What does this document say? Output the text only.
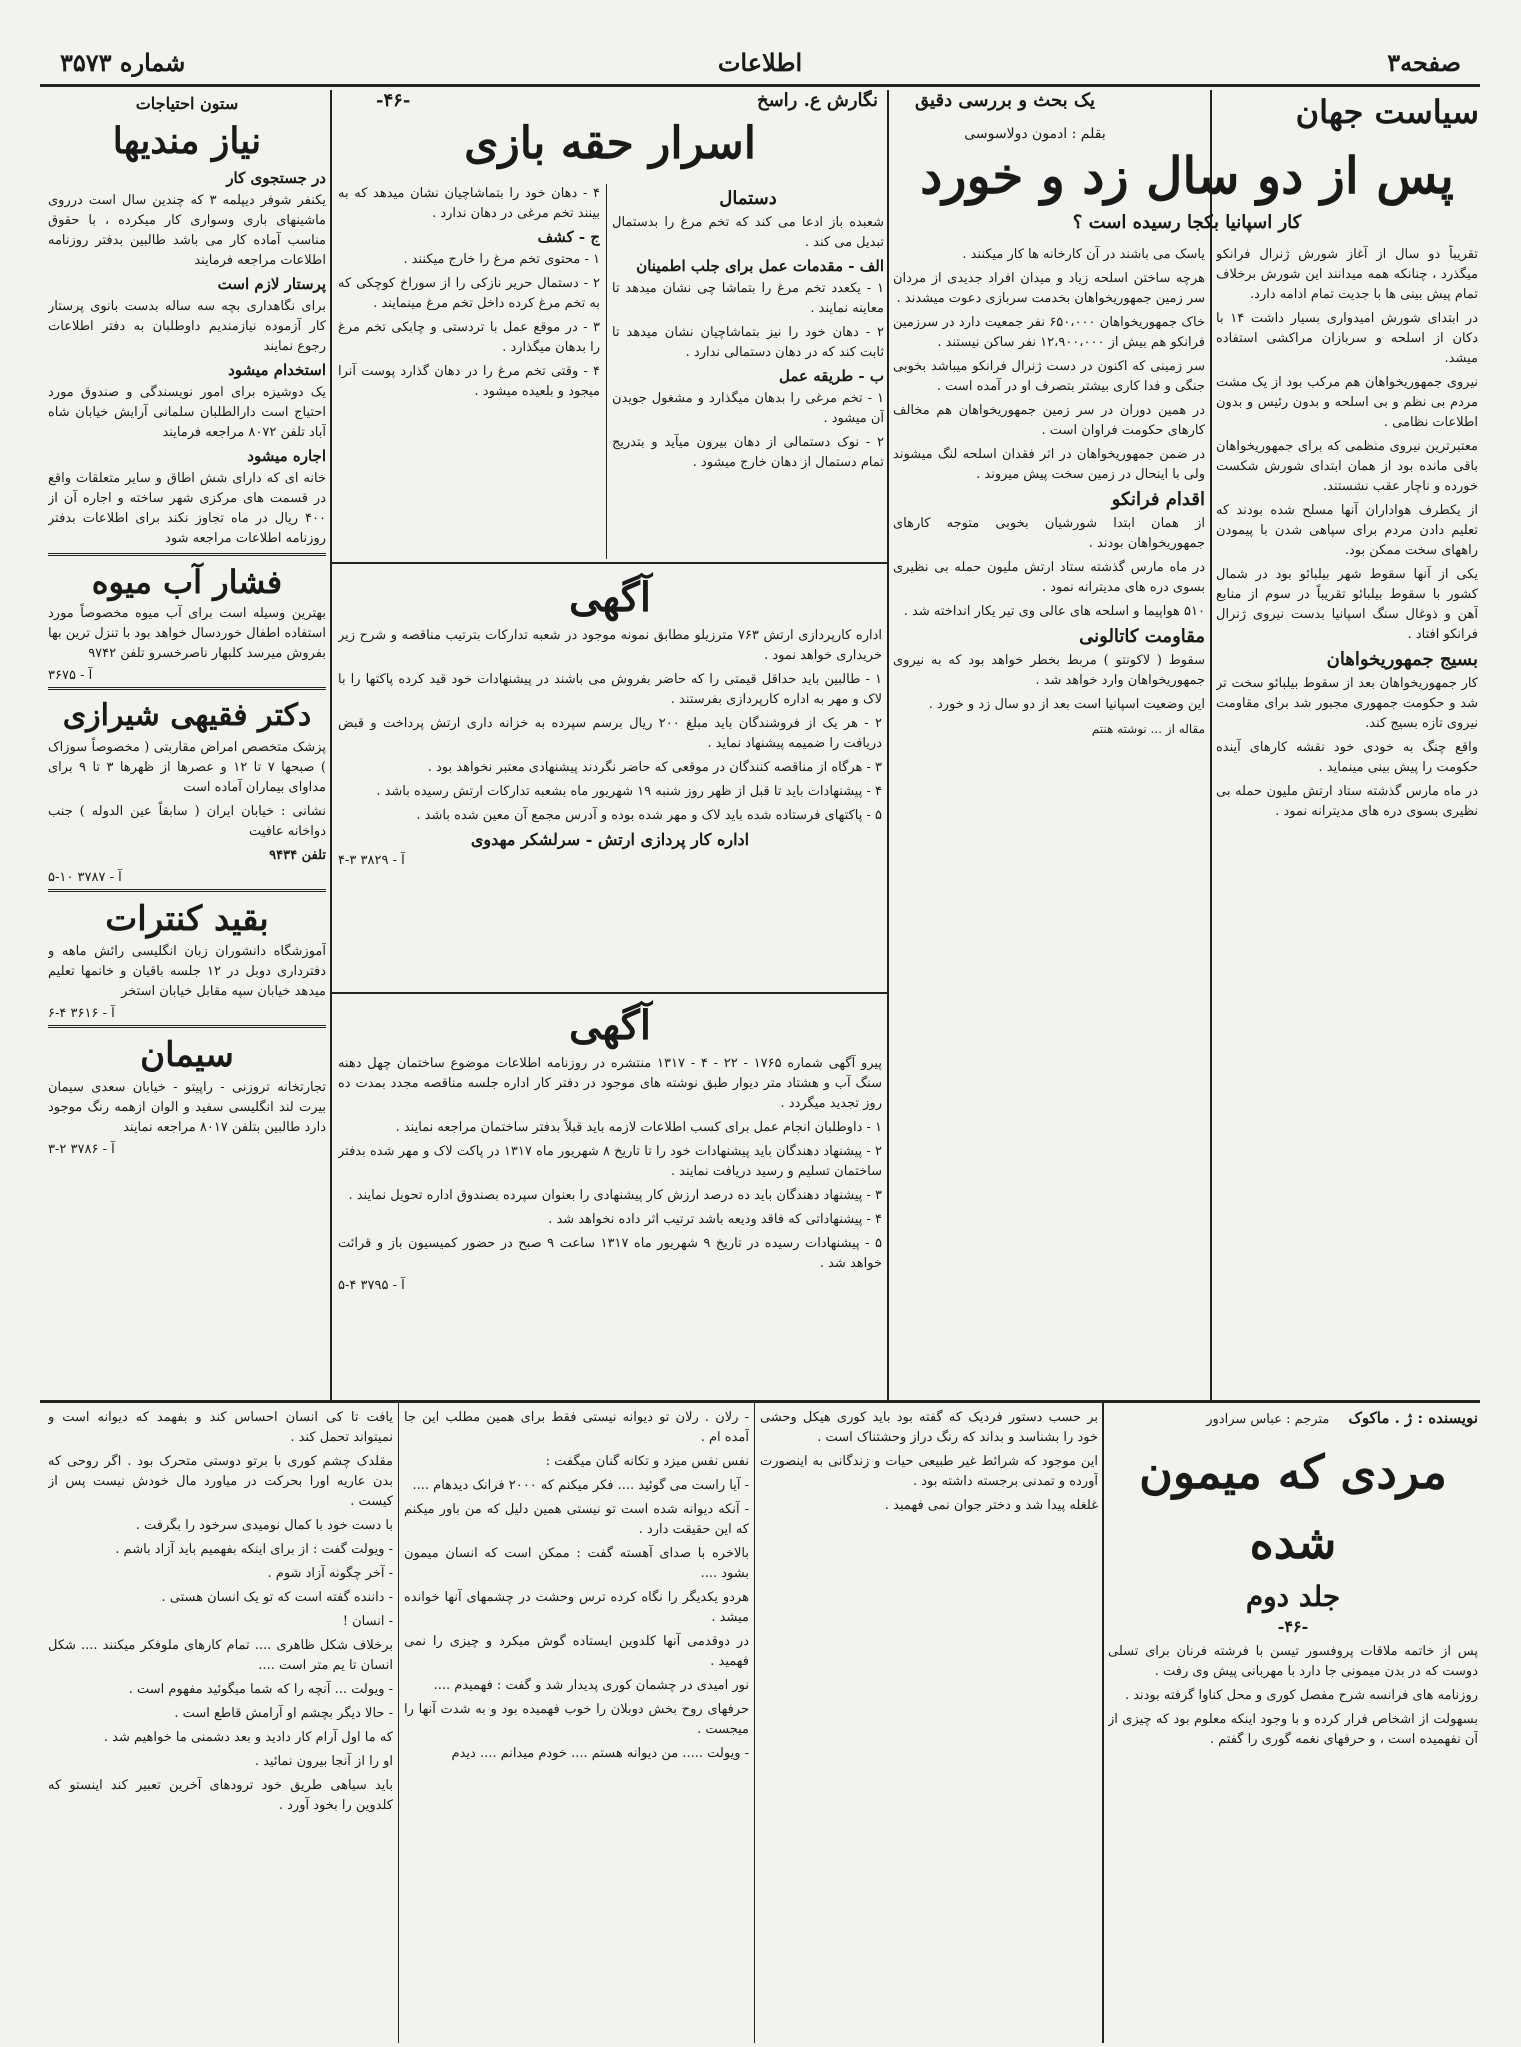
صفحه۳
اطلاعات
شماره ۳۵۷۳
سیاست جهان
یک بحث و بررسی دقیق
بقلم : ادمون دولاسوسی
پس از دو سال زد و خورد
کار اسپانیا بکجا رسیده است ؟

تقریباً دو سال از آغاز شورش ژنرال فرانکو میگذرد ، چنانکه همه میدانند این شورش برخلاف تمام پیش بینی ها با جدیت تمام ادامه دارد.

در ابتدای شورش امیدواری بسیار داشت ۱۴ با دکان از اسلحه و سربازان مراکشی استفاده میشد.

نیروی جمهوریخواهان هم مرکب بود از یک مشت مردم بی نظم و بی اسلحه و بدون رئیس و بدون اطلاعات نظامی .

معتبرترین نیروی منظمی که برای جمهوریخواهان باقی مانده بود از همان ابتدای شورش شکست خورده و ناچار عقب نشستند.

از یکطرف هواداران آنها مسلح شده بودند که تعلیم دادن مردم برای سپاهی شدن با پیمودن راههای سخت ممکن بود.

یکی از آنها سقوط شهر بیلبائو بود در شمال کشور با سقوط بیلبائو تقریباً در سوم از منابع آهن و ذوغال سنگ اسپانیا بدست نیروی ژنرال فرانکو افتاد .

بسیج جمهوریخواهان

کار جمهوریخواهان بعد از سقوط بیلبائو سخت تر شد و حکومت جمهوری مجبور شد برای مقاومت نیروی تازه بسیج کند.

واقع چنگ به خودی خود نقشه کارهای آینده حکومت را پیش بینی مینماید .

در ماه مارس گذشته ستاد ارتش ملیون حمله بی نظیری بسوی دره های مدیترانه نمود .

یاسک می باشند در آن کارخانه ها کار میکنند .

هرچه ساختن اسلحه زیاد و میدان افراد جدیدی از مردان سر زمین جمهوریخواهان بخدمت سربازی دعوت میشدند .

خاک جمهوریخواهان ۶۵۰،۰۰۰ نفر جمعیت دارد در سرزمین فرانکو هم بیش از ۱۲،۹۰۰،۰۰۰ نفر ساکن نیستند .

سر زمینی که اکنون در دست ژنرال فرانکو میباشد بخوبی جنگی و فدا کاری بیشتر بتصرف او در آمده است .

در همین دوران در سر زمین جمهوریخواهان هم مخالف کارهای حکومت فراوان است .

در ضمن جمهوریخواهان در اثر فقدان اسلحه لنگ میشوند ولی با اینحال در زمین سخت پیش میروند .

اقدام فرانکو

از همان ابتدا شورشیان بخوبی متوجه کارهای جمهوریخواهان بودند .

در ماه مارس گذشته ستاد ارتش ملیون حمله بی نظیری بسوی دره های مدیترانه نمود .

۵۱۰ هواپیما و اسلحه های عالی وی تیر یکار انداخته شد .

مقاومت کاتالونی

سقوط ( لاکونتو ) مربط بخطر خواهد بود که به نیروی جمهوریخواهان وارد خواهد شد .

این وضعیت اسپانیا است بعد از دو سال زد و خورد .

مقاله از ... نوشته هنتم

نگارش ع. راسخ
-۴۶-
اسرار حقه بازی
دستمال

شعبده باز ادعا می کند که تخم مرغ را بدستمال تبدیل می کند .

الف - مقدمات عمل برای جلب اطمینان

۱ - یکعدد تخم مرغ را بتماشا چی نشان میدهد تا معاینه نمایند .

۲ - دهان خود را نیز بتماشاچیان نشان میدهد تا ثابت کند که در دهان دستمالی ندارد .

ب - طریقه عمل

۱ - تخم مرغی را بدهان میگذارد و مشغول جویدن آن میشود .

۲ - نوک دستمالی از دهان بیرون میآید و بتدریج تمام دستمال از دهان خارج میشود .

۴ - دهان خود را بتماشاچیان نشان میدهد که به بینند تخم مرغی در دهان ندارد .

ج - کشف

۱ - محتوی تخم مرغ را خارج میکنند .

۲ - دستمال حریر نازکی را از سوراخ کوچکی که به تخم مرغ کرده داخل تخم مرغ مینمایند .

۳ - در موقع عمل با تردستی و چابکی تخم مرغ را بدهان میگذارد .

۴ - وقتی تخم مرغ را در دهان گذارد پوست آنرا میجود و بلعیده میشود .

آگهی

اداره کارپردازی ارتش ۷۶۳ مترزیلو مطابق نمونه موجود در شعبه تدارکات بترتیب مناقصه و شرح زیر خریداری خواهد نمود .

۱ - طالبین باید حداقل قیمتی را که حاضر بفروش می باشند در پیشنهادات خود قید کرده پاکتها را با لاک و مهر به اداره کارپردازی بفرستند .

۲ - هر یک از فروشندگان باید مبلغ ۲۰۰ ریال برسم سپرده به خزانه داری ارتش پرداخت و قبض دریافت را ضمیمه پیشنهاد نماید .

۳ - هرگاه از مناقصه کنندگان در موقعی که حاضر نگردند پیشنهادی معتبر نخواهد بود .

۴ - پیشنهادات باید تا قبل از ظهر روز شنبه ۱۹ شهریور ماه بشعبه تدارکات ارتش رسیده باشد .

۵ - پاکتهای فرستاده شده باید لاک و مهر شده بوده و آدرس مجمع آن معین شده باشد .

اداره کار پردازی ارتش - سرلشکر مهدوی
آ - ۳۸۲۹ ۳-۴
آگهی

پیرو آگهی شماره ۱۷۶۵ - ۲۲ - ۴ - ۱۳۱۷ منتشره در روزنامه اطلاعات موضوع ساختمان چهل دهنه سنگ آب و هشتاد متر دیوار طبق نوشته های موجود در دفتر کار اداره جلسه مناقصه مجدد بمدت ده روز تجدید میگردد .

۱ - داوطلبان انجام عمل برای کسب اطلاعات لازمه باید قبلاً بدفتر ساختمان مراجعه نمایند .

۲ - پیشنهاد دهندگان باید پیشنهادات خود را تا تاریخ ۸ شهریور ماه ۱۳۱۷ در پاکت لاک و مهر شده بدفتر ساختمان تسلیم و رسید دریافت نمایند .

۳ - پیشنهاد دهندگان باید ده درصد ارزش کار پیشنهادی را بعنوان سپرده بصندوق اداره تحویل نمایند .

۴ - پیشنهاداتی که فاقد ودیعه باشد ترتیب اثر داده نخواهد شد .

۵ - پیشنهادات رسیده در تاریخ ۹ شهریور ماه ۱۳۱۷ ساعت ۹ صبح در حضور کمیسیون باز و قرائت خواهد شد .

آ - ۳۷۹۵ ۴-۵
ستون احتیاجات
نیاز مندیها
در جستجوی کار

یکنفر شوفر دیپلمه ۳ که چندین سال است درروی ماشینهای باری وسواری کار میکرده ، با حقوق مناسب آماده کار می باشد طالبین بدفتر روزنامه اطلاعات مراجعه فرمایند

پرستار لازم است

برای نگاهداری بچه سه ساله بدست بانوی پرستار کار آزموده نیازمندیم داوطلبان به دفتر اطلاعات رجوع نمایند

استخدام میشود

یک دوشیزه برای امور نویسندگی و صندوق مورد احتیاج است دارالطلبان سلمانی آرایش خیابان شاه آباد تلفن ۸۰۷۲ مراجعه فرمایند

اجاره میشود

خانه ای که دارای شش اطاق و سایر متعلقات واقع در قسمت های مرکزی شهر ساخته و اجاره آن از ۴۰۰ ریال در ماه تجاوز نکند برای اطلاعات بدفتر روزنامه اطلاعات مراجعه شود

فشار آب میوه

بهترین وسیله است برای آب میوه مخصوصاً مورد استفاده اطفال خوردسال خواهد بود با تنزل ترین بها بفروش میرسد کلبهار ناصرخسرو تلفن ۹۷۴۲

آ - ۳۶۷۵
دکتر فقیهی شیرازی

پزشک متخصص امراض مقاربتی ( مخصوصاً سوزاک ) صبحها ۷ تا ۱۲ و عصرها از ظهرها ۳ تا ۹ برای مداوای بیماران آماده است

نشانی : خیابان ایران ( سابقاً عین الدوله ) جنب دواخانه عافیت

تلفن ۹۴۳۴

آ - ۳۷۸۷ ۱۰-۵
بقید کنترات

آموزشگاه دانشوران زبان انگلیسی رائش ماهه و دفترداری دوبل در ۱۲ جلسه باقیان و خانمها تعلیم میدهد خیابان سپه مقابل خیابان استخر

آ - ۳۶۱۶ ۴-۶
سیمان

تجارتخانه تروزنی - راپیتو - خیابان سعدی سیمان بیرت لند انگلیسی سفید و الوان ازهمه رنگ موجود دارد طالبین بتلفن ۸۰۱۷ مراجعه نمایند

آ - ۳۷۸۶ ۲-۳
نویسنده : ژ . ماکوک مترجم : عباس سرادور
مردی که میمون شده
جلد دوم
-۴۶-

پس از خاتمه ملاقات پروفسور تیسن با فرشته فرنان برای تسلی دوست که در بدن میمونی جا دارد با مهربانی پیش وی رفت .

روزنامه های فرانسه شرح مفصل کوری و محل کناوا گرفته بودند .

بسهولت از اشخاص فرار کرده و با وجود اینکه معلوم بود که چیزی از آن نفهمیده است ، و حرفهای نغمه گوری را گفتم .

بر حسب دستور فردیک که گفته بود باید کوری هیکل وحشی خود را بشناسد و بداند که رنگ دراز وحشتناک است .

این موجود که شرائط غیر طبیعی حیات و زندگانی به اینصورت آورده و تمدنی برجسته داشته بود .

غلغله پیدا شد و دختر جوان نمی فهمید .

- رلان . رلان تو دیوانه نیستی فقط برای همین مطلب این جا آمده ام .

نفس نفس میزد و تکانه گنان میگفت :

- آیا راست می گوئید .... فکر میکنم که ۲۰۰۰ فرانک دیدهام ....

- آنکه دیوانه شده است تو نیستی همین دلیل که من باور میکنم که این حقیقت دارد .

بالاخره با صدای آهسته گفت : ممکن است که انسان میمون بشود ....

هردو یکدیگر را نگاه کرده ترس وحشت در چشمهای آنها خوانده میشد .

در دوقدمی آنها کلدوین ایستاده گوش میکرد و چیزی را نمی فهمید .

نور امیدی در چشمان کوری پدیدار شد و گفت : فهمیدم ....

حرفهای روح بخش دوبلان را خوب فهمیده بود و به شدت آنها را میجست .

- ویولت ..... من دیوانه هستم .... خودم میدانم .... دیدم

یافت تا کی انسان احساس کند و بفهمد که دیوانه است و نمیتواند تحمل کند .

مقلدک چشم کوری با برتو دوستی متحرک بود . اگر روحی که بدن عاریه اورا بحرکت در میاورد مال خودش نیست پس از کیست .

با دست خود با کمال نومیدی سرخود را بگرفت .

- ویولت گفت : از برای اینکه بفهمیم باید آزاد باشم .

- آخر چگونه آزاد شوم .

- داننده گفته است که تو یک انسان هستی .

- انسان !

برخلاف شکل ظاهری .... تمام کارهای ملوفکر میکنند .... شکل انسان تا یم متر است ....

- ویولت ... آنچه را که شما میگوئید مفهوم است .

- حالا دیگر بچشم او آرامش قاطع است .

که ما اول آرام کار دادید و بعد دشمنی ما خواهیم شد .

او را از آنجا بیرون نمائید .

باید سیاهی طریق خود ترودهای آخرین تعبیر کند اینستو که کلدوین را بخود آورد .
